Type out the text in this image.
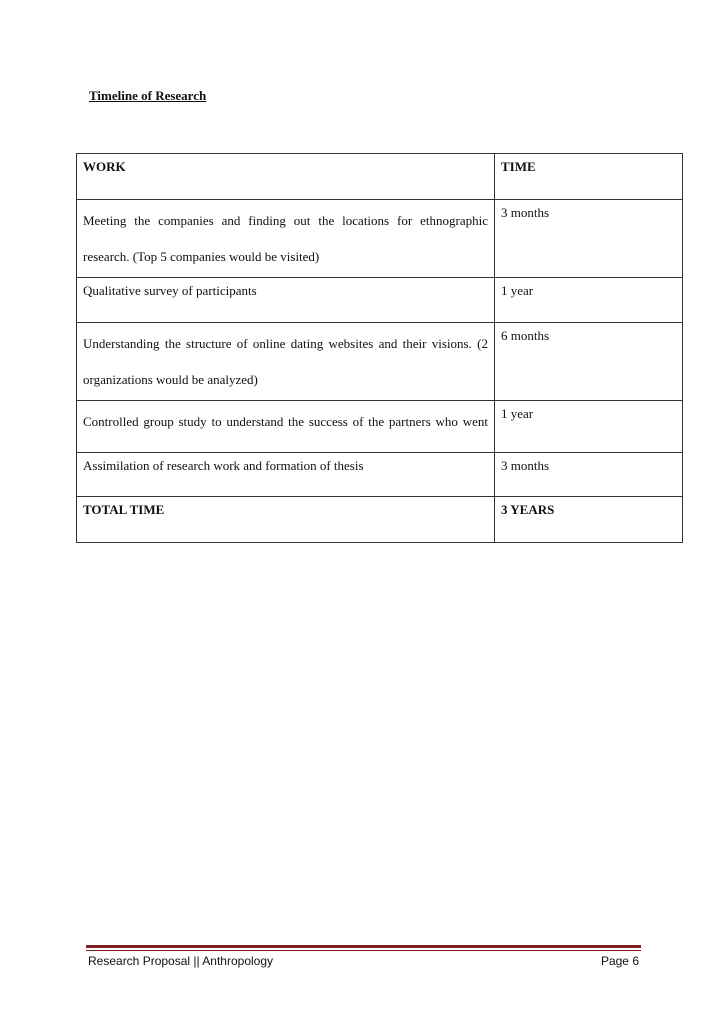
Timeline of Research

WORK	TIME

Meeting the companies and finding out the locations for ethnographic research. (Top 5 companies would be visited)	3 months
Qualitative survey of participants	1 year

Understanding the structure of online dating websites and their visions. (2 organizations would be analyzed)	6 months

Controlled group study to understand the success of the partners who went	1 year
Assimilation of research work and formation of thesis	3 months
TOTAL TIME	3 YEARS
Research Proposal || Anthropology	Page 6
